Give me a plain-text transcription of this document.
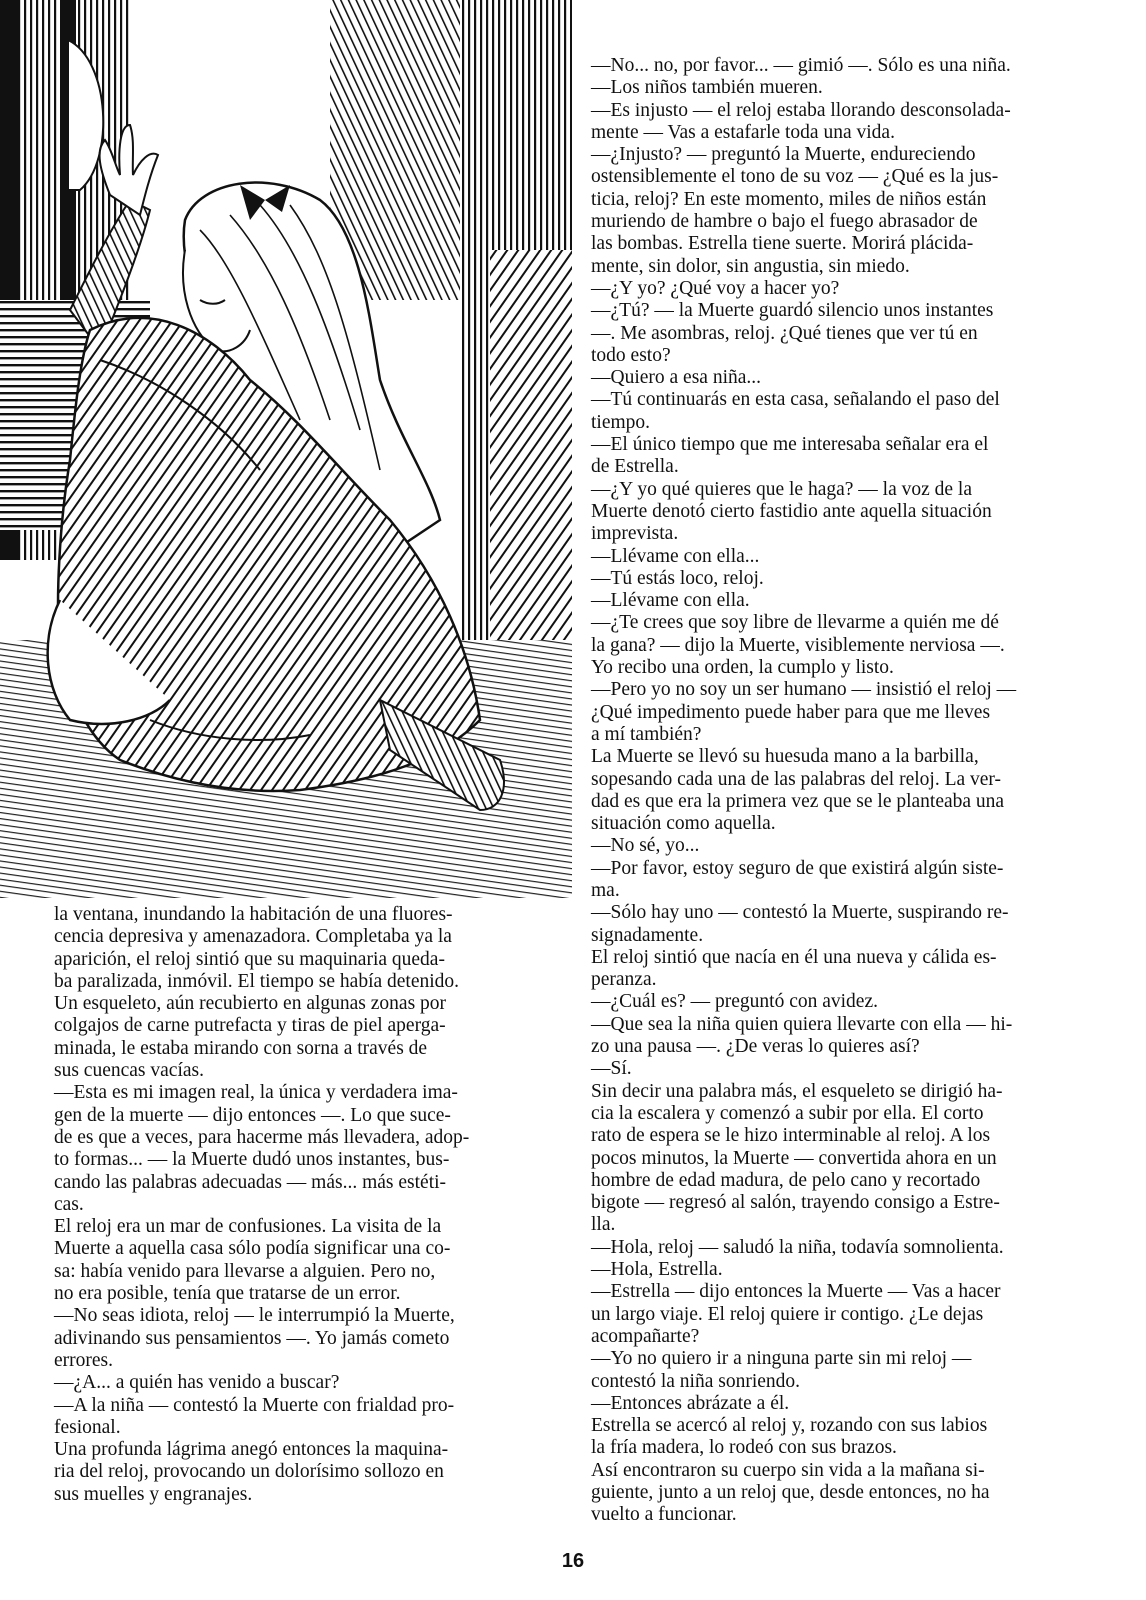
la ventana, inundando la habitación de una fluores-

cencia depresiva y amenazadora. Completaba ya la

aparición, el reloj sintió que su maquinaria queda-

ba paralizada, inmóvil. El tiempo se había detenido.

Un esqueleto, aún recubierto en algunas zonas por

colgajos de carne putrefacta y tiras de piel aperga-

minada, le estaba mirando con sorna a través de

sus cuencas vacías.

—Esta es mi imagen real, la única y verdadera ima-

gen de la muerte — dijo entonces —. Lo que suce-

de es que a veces, para hacerme más llevadera, adop-

to formas... — la Muerte dudó unos instantes, bus-

cando las palabras adecuadas — más... más estéti-

cas.

El reloj era un mar de confusiones. La visita de la

Muerte a aquella casa sólo podía significar una co-

sa: había venido para llevarse a alguien. Pero no,

no era posible, tenía que tratarse de un error.

—No seas idiota, reloj — le interrumpió la Muerte,

adivinando sus pensamientos —. Yo jamás cometo

errores.

—¿A... a quién has venido a buscar?

—A la niña — contestó la Muerte con frialdad pro-

fesional.

Una profunda lágrima anegó entonces la maquina-

ria del reloj, provocando un dolorísimo sollozo en

sus muelles y engranajes.

—No... no, por favor... — gimió —. Sólo es una niña.

—Los niños también mueren.

—Es injusto — el reloj estaba llorando desconsolada-

mente — Vas a estafarle toda una vida.

—¿Injusto? — preguntó la Muerte, endureciendo

ostensiblemente el tono de su voz — ¿Qué es la jus-

ticia, reloj? En este momento, miles de niños están

muriendo de hambre o bajo el fuego abrasador de

las bombas. Estrella tiene suerte. Morirá plácida-

mente, sin dolor, sin angustia, sin miedo.

—¿Y yo? ¿Qué voy a hacer yo?

—¿Tú? — la Muerte guardó silencio unos instantes

—. Me asombras, reloj. ¿Qué tienes que ver tú en

todo esto?

—Quiero a esa niña...

—Tú continuarás en esta casa, señalando el paso del

tiempo.

—El único tiempo que me interesaba señalar era el

de Estrella.

—¿Y yo qué quieres que le haga? — la voz de la

Muerte denotó cierto fastidio ante aquella situación

imprevista.

—Llévame con ella...

—Tú estás loco, reloj.

—Llévame con ella.

—¿Te crees que soy libre de llevarme a quién me dé

la gana? — dijo la Muerte, visiblemente nerviosa —.

Yo recibo una orden, la cumplo y listo.

—Pero yo no soy un ser humano — insistió el reloj —

¿Qué impedimento puede haber para que me lleves

a mí también?

La Muerte se llevó su huesuda mano a la barbilla,

sopesando cada una de las palabras del reloj. La ver-

dad es que era la primera vez que se le planteaba una

situación como aquella.

—No sé, yo...

—Por favor, estoy seguro de que existirá algún siste-

ma.

—Sólo hay uno — contestó la Muerte, suspirando re-

signadamente.

El reloj sintió que nacía en él una nueva y cálida es-

peranza.

—¿Cuál es? — preguntó con avidez.

—Que sea la niña quien quiera llevarte con ella — hi-

zo una pausa —. ¿De veras lo quieres así?

—Sí.

Sin decir una palabra más, el esqueleto se dirigió ha-

cia la escalera y comenzó a subir por ella. El corto

rato de espera se le hizo interminable al reloj. A los

pocos minutos, la Muerte — convertida ahora en un

hombre de edad madura, de pelo cano y recortado

bigote — regresó al salón, trayendo consigo a Estre-

lla.

—Hola, reloj — saludó la niña, todavía somnolienta.

—Hola, Estrella.

—Estrella — dijo entonces la Muerte — Vas a hacer

un largo viaje. El reloj quiere ir contigo. ¿Le dejas

acompañarte?

—Yo no quiero ir a ninguna parte sin mi reloj —

contestó la niña sonriendo.

—Entonces abrázate a él.

Estrella se acercó al reloj y, rozando con sus labios

la fría madera, lo rodeó con sus brazos.

Así encontraron su cuerpo sin vida a la mañana si-

guiente, junto a un reloj que, desde entonces, no ha

vuelto a funcionar.

16
